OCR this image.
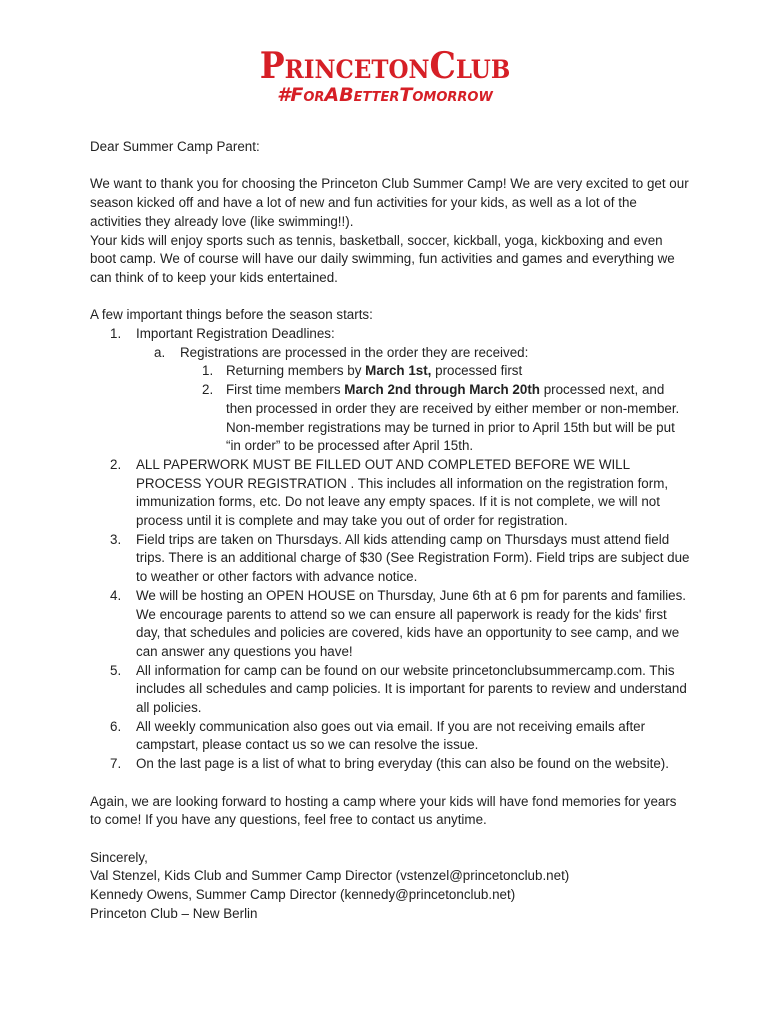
PrincetonClub
#ForABetterTomorrow

Dear Summer Camp Parent:

We want to thank you for choosing the Princeton Club Summer Camp! We are very excited to get our season kicked off and have a lot of new and fun activities for your kids, as well as a lot of the activities they already love (like swimming!!).

Your kids will enjoy sports such as tennis, basketball, soccer, kickball, yoga, kickboxing and even boot camp. We of course will have our daily swimming, fun activities and games and everything we can think of to keep your kids entertained.

A few important things before the season starts:

1. Important Registration Deadlines:
a. Registrations are processed in the order they are received:
1. Returning members by March 1st, processed first
2. First time members March 2nd through March 20th processed next, and then processed in order they are received by either member or non-member. Non-member registrations may be turned in prior to April 15th but will be put “in order” to be processed after April 15th.
2. ALL PAPERWORK MUST BE FILLED OUT AND COMPLETED BEFORE WE WILL PROCESS YOUR REGISTRATION . This includes all information on the registration form, immunization forms, etc. Do not leave any empty spaces. If it is not complete, we will not process until it is complete and may take you out of order for registration.
3. Field trips are taken on Thursdays. All kids attending camp on Thursdays must attend field trips. There is an additional charge of $30 (See Registration Form). Field trips are subject due to weather or other factors with advance notice.
4. We will be hosting an OPEN HOUSE on Thursday, June 6th at 6 pm for parents and families. We encourage parents to attend so we can ensure all paperwork is ready for the kids' first day, that schedules and policies are covered, kids have an opportunity to see camp, and we can answer any questions you have!
5. All information for camp can be found on our website princetonclubsummercamp.com. This includes all schedules and camp policies. It is important for parents to review and understand all policies.
6. All weekly communication also goes out via email. If you are not receiving emails after campstart, please contact us so we can resolve the issue.
7. On the last page is a list of what to bring everyday (this can also be found on the website).

Again, we are looking forward to hosting a camp where your kids will have fond memories for years to come! If you have any questions, feel free to contact us anytime.

Sincerely,

Val Stenzel, Kids Club and Summer Camp Director (vstenzel@princetonclub.net)

Kennedy Owens, Summer Camp Director (kennedy@princetonclub.net)

Princeton Club – New Berlin
